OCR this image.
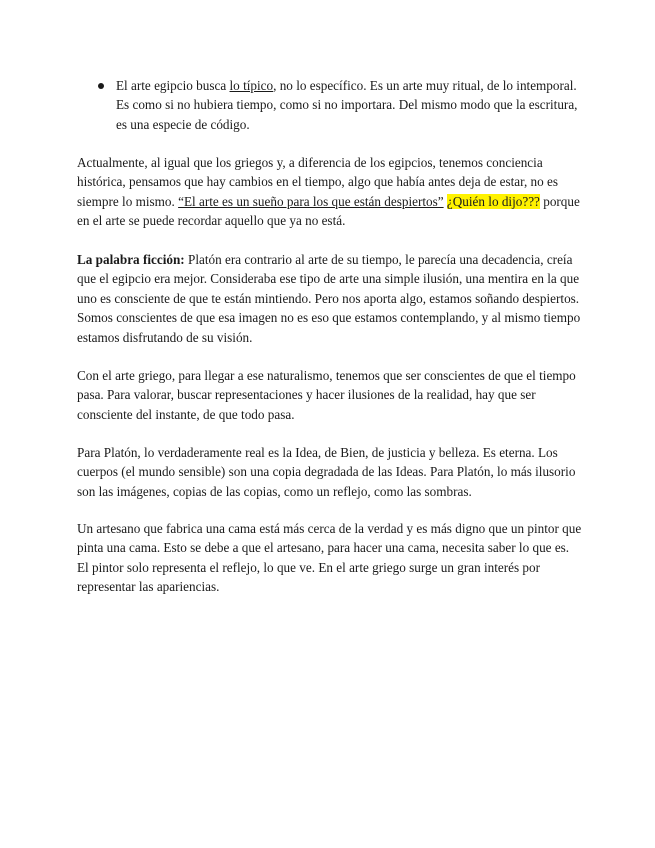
El arte egipcio busca lo típico, no lo específico. Es un arte muy ritual, de lo intemporal. Es como si no hubiera tiempo, como si no importara. Del mismo modo que la escritura, es una especie de código.

Actualmente, al igual que los griegos y, a diferencia de los egipcios, tenemos conciencia histórica, pensamos que hay cambios en el tiempo, algo que había antes deja de estar, no es siempre lo mismo. “El arte es un sueño para los que están despiertos” ¿Quién lo dijo??? porque en el arte se puede recordar aquello que ya no está.

La palabra ficción: Platón era contrario al arte de su tiempo, le parecía una decadencia, creía que el egipcio era mejor. Consideraba ese tipo de arte una simple ilusión, una mentira en la que uno es consciente de que te están mintiendo. Pero nos aporta algo, estamos soñando despiertos. Somos conscientes de que esa imagen no es eso que estamos contemplando, y al mismo tiempo estamos disfrutando de su visión.

Con el arte griego, para llegar a ese naturalismo, tenemos que ser conscientes de que el tiempo pasa. Para valorar, buscar representaciones y hacer ilusiones de la realidad, hay que ser consciente del instante, de que todo pasa.

Para Platón, lo verdaderamente real es la Idea, de Bien, de justicia y belleza. Es eterna. Los cuerpos (el mundo sensible) son una copia degradada de las Ideas. Para Platón, lo más ilusorio son las imágenes, copias de las copias, como un reflejo, como las sombras.

Un artesano que fabrica una cama está más cerca de la verdad y es más digno que un pintor que pinta una cama. Esto se debe a que el artesano, para hacer una cama, necesita saber lo que es. El pintor solo representa el reflejo, lo que ve. En el arte griego surge un gran interés por representar las apariencias.
